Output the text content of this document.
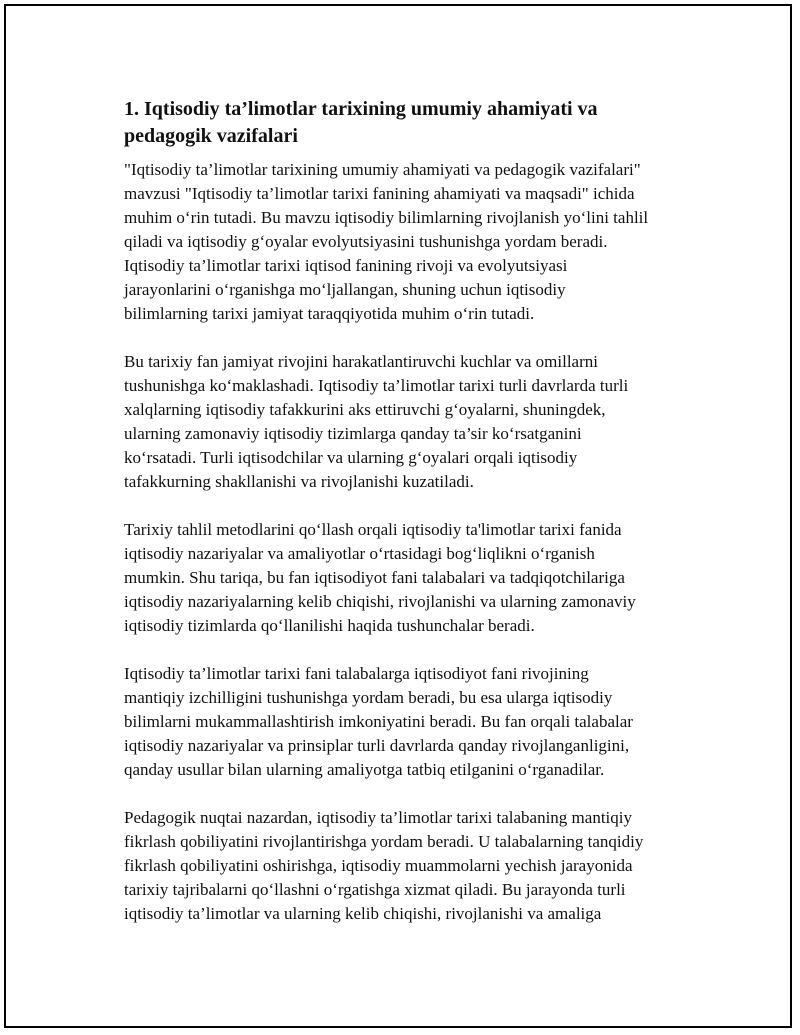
1. Iqtisodiy ta’limotlar tarixining umumiy ahamiyati va
pedagogik vazifalari

"Iqtisodiy ta’limotlar tarixining umumiy ahamiyati va pedagogik vazifalari"
mavzusi "Iqtisodiy ta’limotlar tarixi fanining ahamiyati va maqsadi" ichida
muhim o‘rin tutadi. Bu mavzu iqtisodiy bilimlarning rivojlanish yo‘lini tahlil
qiladi va iqtisodiy g‘oyalar evolyutsiyasini tushunishga yordam beradi.
Iqtisodiy ta’limotlar tarixi iqtisod fanining rivoji va evolyutsiyasi
jarayonlarini o‘rganishga mo‘ljallangan, shuning uchun iqtisodiy
bilimlarning tarixi jamiyat taraqqiyotida muhim o‘rin tutadi.

Bu tarixiy fan jamiyat rivojini harakatlantiruvchi kuchlar va omillarni
tushunishga ko‘maklashadi. Iqtisodiy ta’limotlar tarixi turli davrlarda turli
xalqlarning iqtisodiy tafakkurini aks ettiruvchi g‘oyalarni, shuningdek,
ularning zamonaviy iqtisodiy tizimlarga qanday ta’sir ko‘rsatganini
ko‘rsatadi. Turli iqtisodchilar va ularning g‘oyalari orqali iqtisodiy
tafakkurning shakllanishi va rivojlanishi kuzatiladi.

Tarixiy tahlil metodlarini qo‘llash orqali iqtisodiy ta'limotlar tarixi fanida
iqtisodiy nazariyalar va amaliyotlar o‘rtasidagi bog‘liqlikni o‘rganish
mumkin. Shu tariqa, bu fan iqtisodiyot fani talabalari va tadqiqotchilariga
iqtisodiy nazariyalarning kelib chiqishi, rivojlanishi va ularning zamonaviy
iqtisodiy tizimlarda qo‘llanilishi haqida tushunchalar beradi.

Iqtisodiy ta’limotlar tarixi fani talabalarga iqtisodiyot fani rivojining
mantiqiy izchilligini tushunishga yordam beradi, bu esa ularga iqtisodiy
bilimlarni mukammallashtirish imkoniyatini beradi. Bu fan orqali talabalar
iqtisodiy nazariyalar va prinsiplar turli davrlarda qanday rivojlanganligini,
qanday usullar bilan ularning amaliyotga tatbiq etilganini o‘rganadilar.

Pedagogik nuqtai nazardan, iqtisodiy ta’limotlar tarixi talabaning mantiqiy
fikrlash qobiliyatini rivojlantirishga yordam beradi. U talabalarning tanqidiy
fikrlash qobiliyatini oshirishga, iqtisodiy muammolarni yechish jarayonida
tarixiy tajribalarni qo‘llashni o‘rgatishga xizmat qiladi. Bu jarayonda turli
iqtisodiy ta’limotlar va ularning kelib chiqishi, rivojlanishi va amaliga
